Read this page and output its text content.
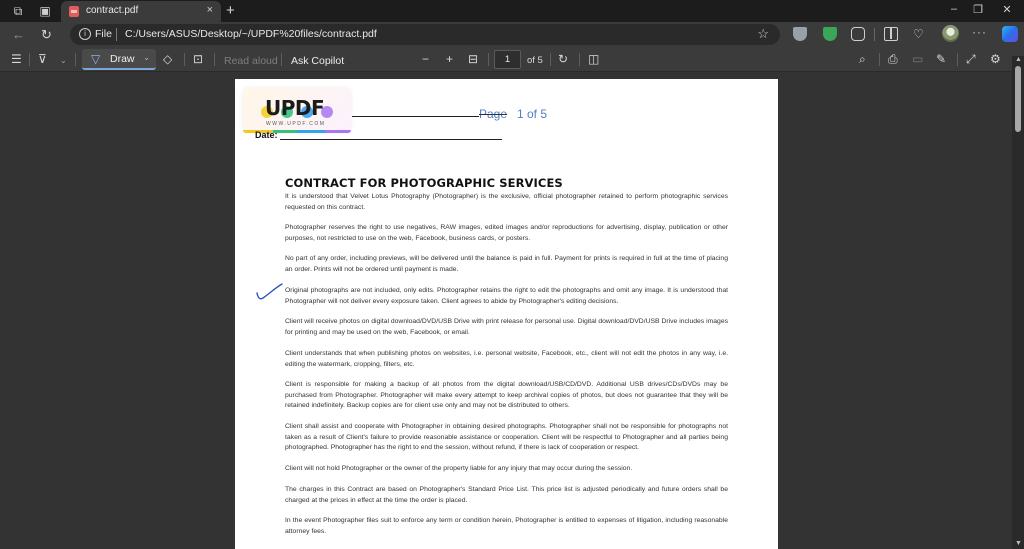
⧉ ▣	contract.pdf	× +	–	❐	✕
← ↻	i File C:/Users/ASUS/Desktop/~/UPDF%20files/contract.pdf	☆	♡	···
☰ ⊽ ⌄ ▽ Draw ⌄ ◇ ⊡ Read aloud Ask Copilot	− + ⊟	1	of 5 ↻ ◫	⌕ ⎙ ▭ ✎ ⤢ ⚙ ▲
▼
UPDF
WWW.UPDF.COM
Page 1 of 5
Date:
CONTRACT FOR PHOTOGRAPHIC SERVICES

It is understood that Velvet Lotus Photography (Photographer) is the exclusive, official photographer retained to perform photographic services requested on this contract.

Photographer reserves the right to use negatives, RAW images, edited images and/or reproductions for advertising, display, publication or other purposes, not restricted to use on the web, Facebook, business cards, or posters.

No part of any order, including previews, will be delivered until the balance is paid in full. Payment for prints is required in full at the time of placing an order. Prints will not be ordered until payment is made.

Original photographs are not included, only edits. Photographer retains the right to edit the photographs and omit any image. It is understood that Photographer will not deliver every exposure taken. Client agrees to abide by Photographer's editing decisions.

Client will receive photos on digital download/DVD/USB Drive with print release for personal use. Digital download/DVD/USB Drive includes images for printing and may be used on the web, Facebook, or email.

Client understands that when publishing photos on websites, i.e. personal website, Facebook, etc., client will not edit the photos in any way, i.e. editing the watermark, cropping, filters, etc.

Client is responsible for making a backup of all photos from the digital download/USB/CD/DVD. Additional USB drives/CDs/DVDs may be purchased from Photographer. Photographer will make every attempt to keep archival copies of photos, but does not guarantee that they will be retained indefinitely. Backup copies are for client use only and may not be distributed to others.

Client shall assist and cooperate with Photographer in obtaining desired photographs. Photographer shall not be responsible for photographs not taken as a result of Client's failure to provide reasonable assistance or cooperation. Client will be respectful to Photographer and all parties being photographed. Photographer has the right to end the session, without refund, if there is lack of cooperation or respect.

Client will not hold Photographer or the owner of the property liable for any injury that may occur during the session.

The charges in this Contract are based on Photographer's Standard Price List. This price list is adjusted periodically and future orders shall be charged at the prices in effect at the time the order is placed.

In the event Photographer files suit to enforce any term or condition herein, Photographer is entitled to expenses of litigation, including reasonable attorney fees.
